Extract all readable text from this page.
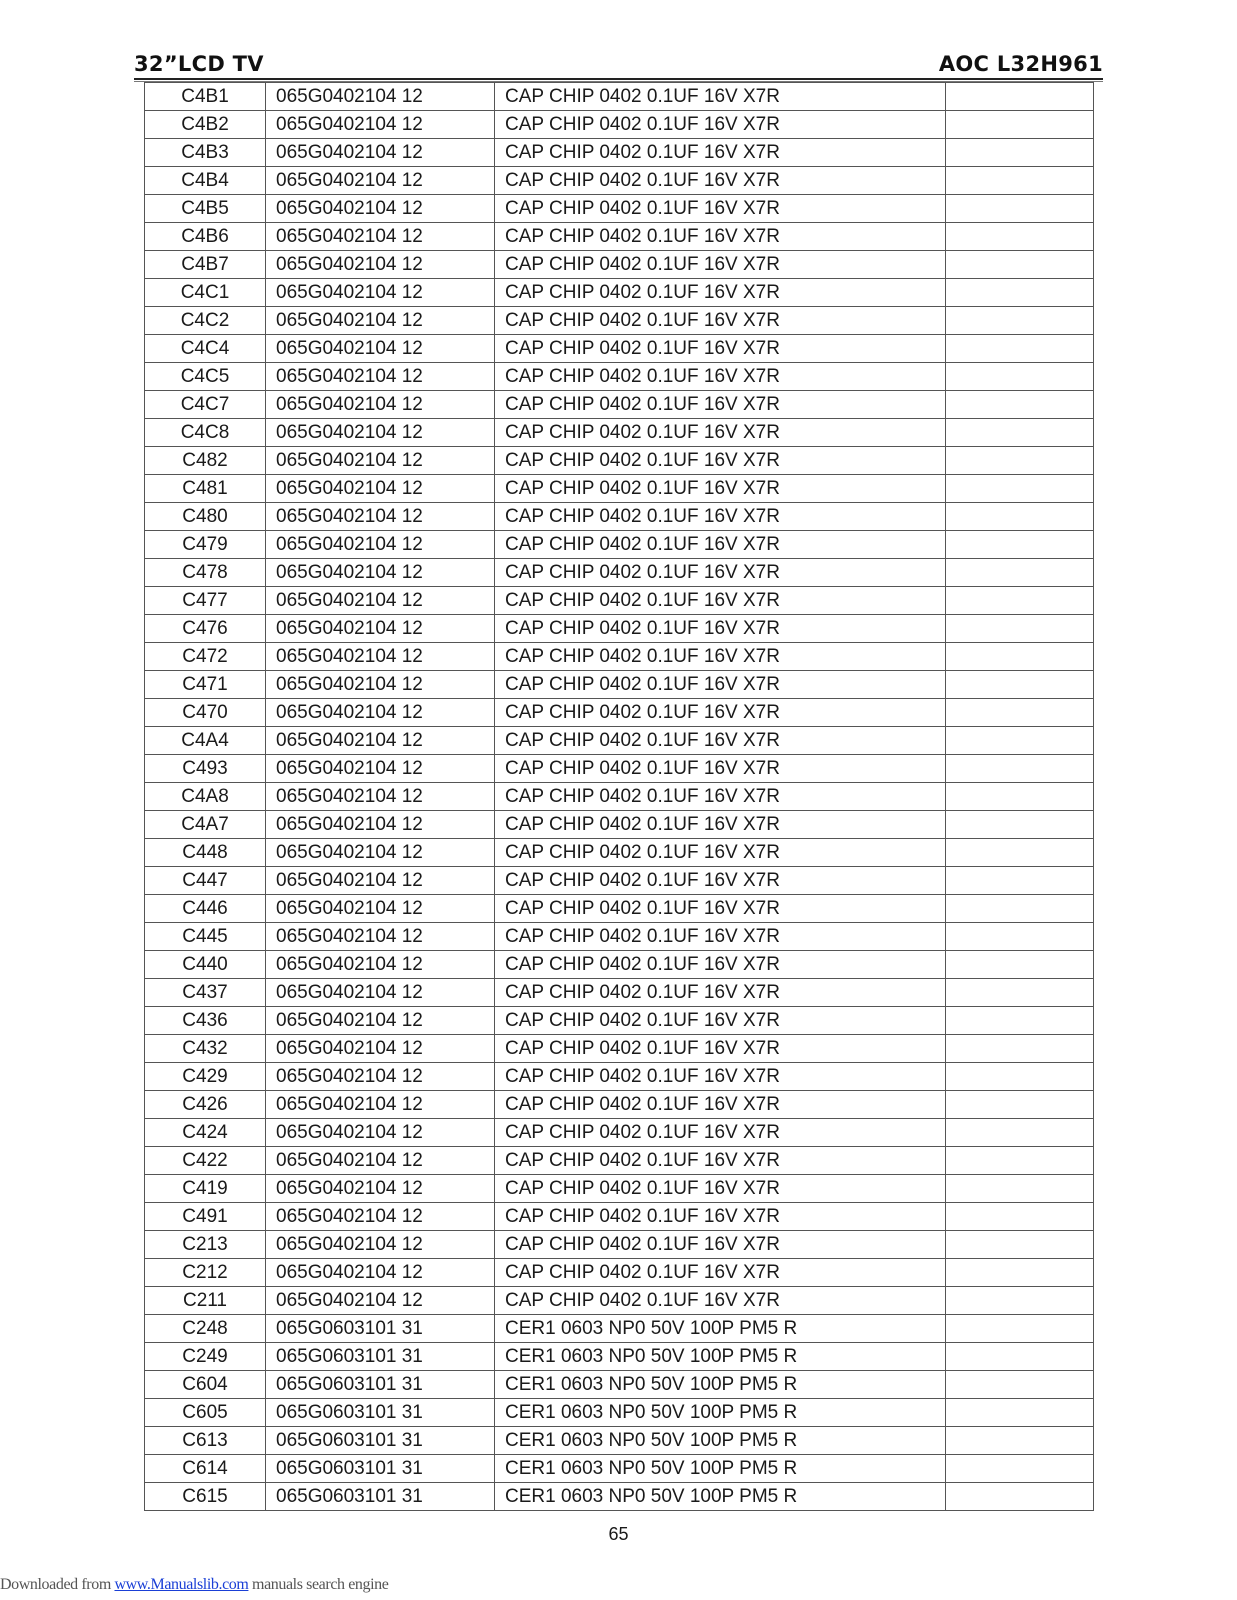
32”LCD TV	AOC L32H961
C4B1	065G0402104 12	CAP CHIP 0402 0.1UF 16V X7R	
C4B2	065G0402104 12	CAP CHIP 0402 0.1UF 16V X7R	
C4B3	065G0402104 12	CAP CHIP 0402 0.1UF 16V X7R	
C4B4	065G0402104 12	CAP CHIP 0402 0.1UF 16V X7R	
C4B5	065G0402104 12	CAP CHIP 0402 0.1UF 16V X7R	
C4B6	065G0402104 12	CAP CHIP 0402 0.1UF 16V X7R	
C4B7	065G0402104 12	CAP CHIP 0402 0.1UF 16V X7R	
C4C1	065G0402104 12	CAP CHIP 0402 0.1UF 16V X7R	
C4C2	065G0402104 12	CAP CHIP 0402 0.1UF 16V X7R	
C4C4	065G0402104 12	CAP CHIP 0402 0.1UF 16V X7R	
C4C5	065G0402104 12	CAP CHIP 0402 0.1UF 16V X7R	
C4C7	065G0402104 12	CAP CHIP 0402 0.1UF 16V X7R	
C4C8	065G0402104 12	CAP CHIP 0402 0.1UF 16V X7R	
C482	065G0402104 12	CAP CHIP 0402 0.1UF 16V X7R	
C481	065G0402104 12	CAP CHIP 0402 0.1UF 16V X7R	
C480	065G0402104 12	CAP CHIP 0402 0.1UF 16V X7R	
C479	065G0402104 12	CAP CHIP 0402 0.1UF 16V X7R	
C478	065G0402104 12	CAP CHIP 0402 0.1UF 16V X7R	
C477	065G0402104 12	CAP CHIP 0402 0.1UF 16V X7R	
C476	065G0402104 12	CAP CHIP 0402 0.1UF 16V X7R	
C472	065G0402104 12	CAP CHIP 0402 0.1UF 16V X7R	
C471	065G0402104 12	CAP CHIP 0402 0.1UF 16V X7R	
C470	065G0402104 12	CAP CHIP 0402 0.1UF 16V X7R	
C4A4	065G0402104 12	CAP CHIP 0402 0.1UF 16V X7R	
C493	065G0402104 12	CAP CHIP 0402 0.1UF 16V X7R	
C4A8	065G0402104 12	CAP CHIP 0402 0.1UF 16V X7R	
C4A7	065G0402104 12	CAP CHIP 0402 0.1UF 16V X7R	
C448	065G0402104 12	CAP CHIP 0402 0.1UF 16V X7R	
C447	065G0402104 12	CAP CHIP 0402 0.1UF 16V X7R	
C446	065G0402104 12	CAP CHIP 0402 0.1UF 16V X7R	
C445	065G0402104 12	CAP CHIP 0402 0.1UF 16V X7R	
C440	065G0402104 12	CAP CHIP 0402 0.1UF 16V X7R	
C437	065G0402104 12	CAP CHIP 0402 0.1UF 16V X7R	
C436	065G0402104 12	CAP CHIP 0402 0.1UF 16V X7R	
C432	065G0402104 12	CAP CHIP 0402 0.1UF 16V X7R	
C429	065G0402104 12	CAP CHIP 0402 0.1UF 16V X7R	
C426	065G0402104 12	CAP CHIP 0402 0.1UF 16V X7R	
C424	065G0402104 12	CAP CHIP 0402 0.1UF 16V X7R	
C422	065G0402104 12	CAP CHIP 0402 0.1UF 16V X7R	
C419	065G0402104 12	CAP CHIP 0402 0.1UF 16V X7R	
C491	065G0402104 12	CAP CHIP 0402 0.1UF 16V X7R	
C213	065G0402104 12	CAP CHIP 0402 0.1UF 16V X7R	
C212	065G0402104 12	CAP CHIP 0402 0.1UF 16V X7R	
C211	065G0402104 12	CAP CHIP 0402 0.1UF 16V X7R	
C248	065G0603101 31	CER1 0603 NP0 50V 100P PM5 R	
C249	065G0603101 31	CER1 0603 NP0 50V 100P PM5 R	
C604	065G0603101 31	CER1 0603 NP0 50V 100P PM5 R	
C605	065G0603101 31	CER1 0603 NP0 50V 100P PM5 R	
C613	065G0603101 31	CER1 0603 NP0 50V 100P PM5 R	
C614	065G0603101 31	CER1 0603 NP0 50V 100P PM5 R	
C615	065G0603101 31	CER1 0603 NP0 50V 100P PM5 R	
65
Downloaded from www.Manualslib.com manuals search engine
